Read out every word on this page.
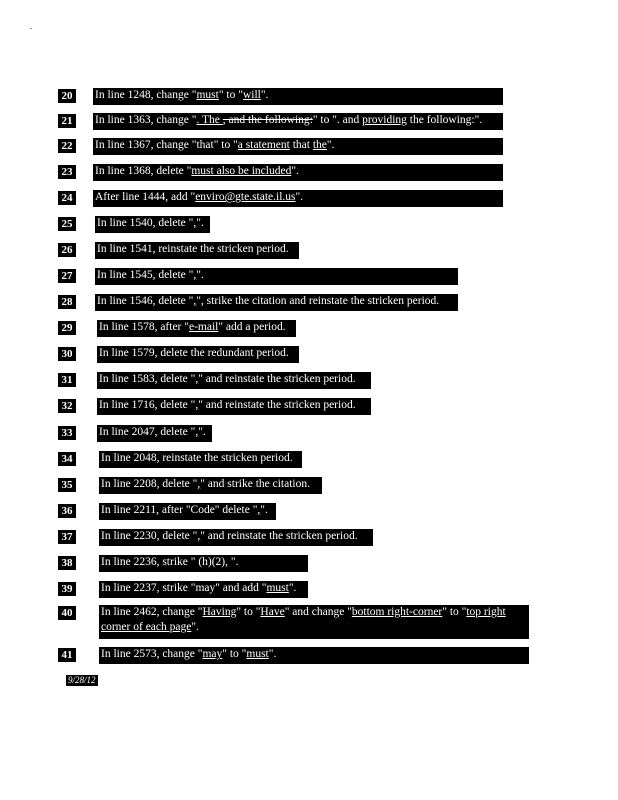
20	In line 1248, change "must" to "will".
21	In line 1363, change ". The , and the following:" to ". and providing the following:".
22	In line 1367, change "that" to "a statement that the".
23	In line 1368, delete "must also be included".
24	After line 1444, add "enviro@gte.state.il.us".
25	In line 1540, delete ",".
26	In line 1541, reinstate the stricken period.
27	In line 1545, delete ",".
28	In line 1546, delete ",", strike the citation and reinstate the stricken period.
29	In line 1578, after "e-mail" add a period.
30	In line 1579, delete the redundant period.
31	In line 1583, delete "," and reinstate the stricken period.
32	In line 1716, delete "," and reinstate the stricken period.
33	In line 2047, delete ",".
34	In line 2048, reinstate the stricken period.
35	In line 2208, delete "," and strike the citation.
36	In line 2211, after "Code" delete ",".
37	In line 2230, delete "," and reinstate the stricken period.
38	In line 2236, strike " (h)(2), ".
39	In line 2237, strike "may" and add "must".
40	In line 2462, change "Having" to "Have" and change "bottom right-corner" to "top right corner of each page".
41	In line 2573, change "may" to "must".
9/28/12
